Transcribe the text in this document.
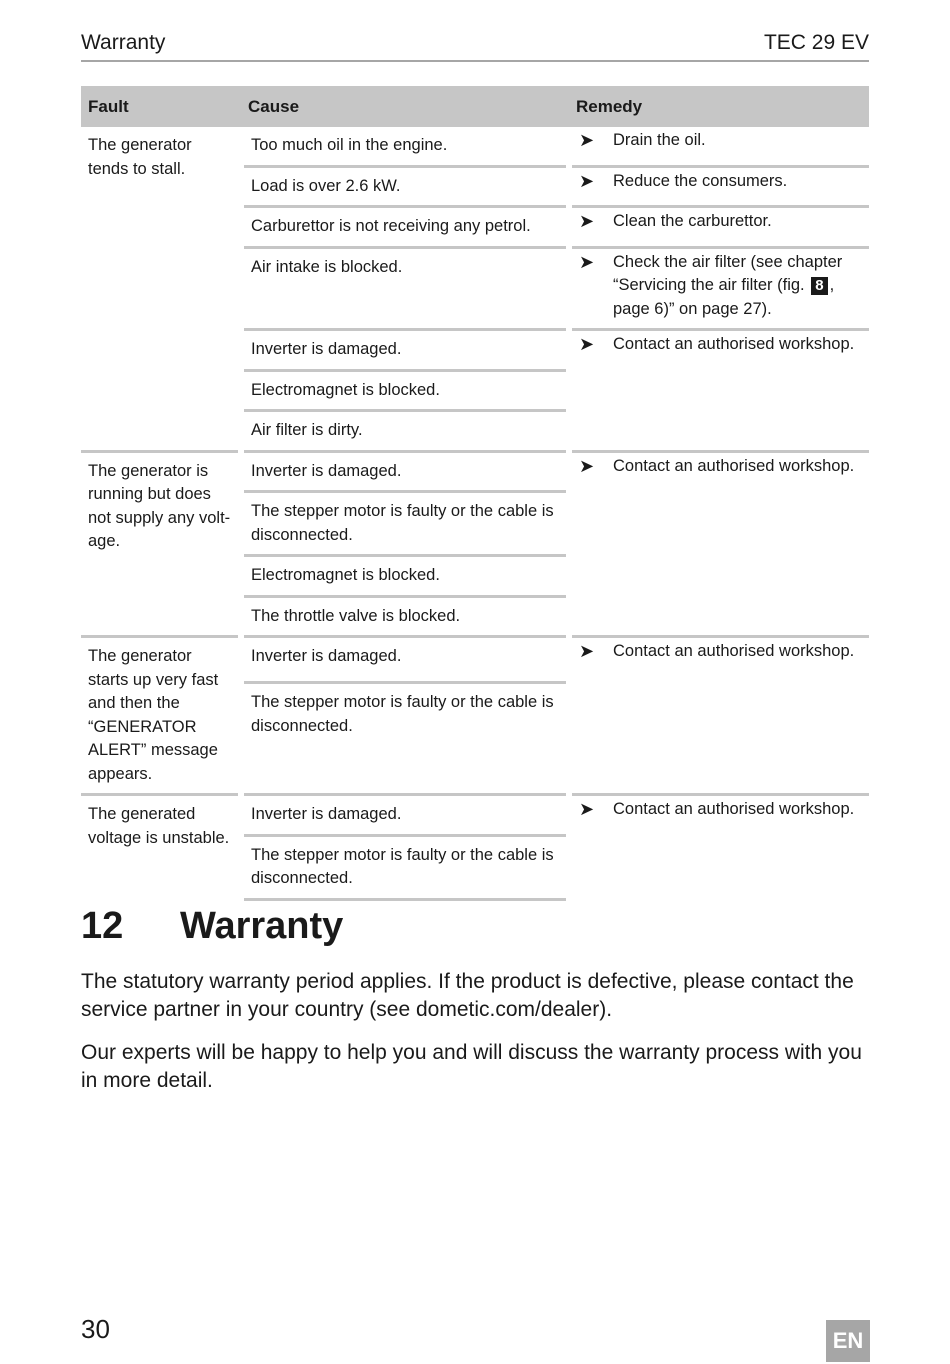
Warranty	TEC 29 EV
Fault	Cause	Remedy
The generator tends to stall.	Too much oil in the engine.	➤ Drain the oil.

	Load is over 2.6 kW.	➤ Reduce the consumers.

	Carburettor is not receiving any petrol.	➤ Clean the carburettor.

	Air intake is blocked.	➤ Check the air filter (see chapter “Servicing the air filter (fig. 8 , page 6)” on page 27).

	Inverter is damaged.	➤ Contact an authorised workshop.

	Electromagnet is blocked.	
	Air filter is dirty.	
The generator is running but does not supply any volt-age.	Inverter is damaged.	➤ Contact an authorised workshop.

	The stepper motor is faulty or the cable is disconnected.	
	Electromagnet is blocked.	
	The throttle valve is blocked.	
The generator starts up very fast and then the “GENERATOR ALERT” message appears.	Inverter is damaged.	➤ Contact an authorised workshop.

	The stepper motor is faulty or the cable is disconnected.	
The generated voltage is unstable.	Inverter is damaged.	➤ Contact an authorised workshop.

	The stepper motor is faulty or the cable is disconnected.	
12 Warranty

The statutory warranty period applies. If the product is defective, please contact the service partner in your country (see dometic.com/dealer).

Our experts will be happy to help you and will discuss the warranty process with you in more detail.

30	EN
